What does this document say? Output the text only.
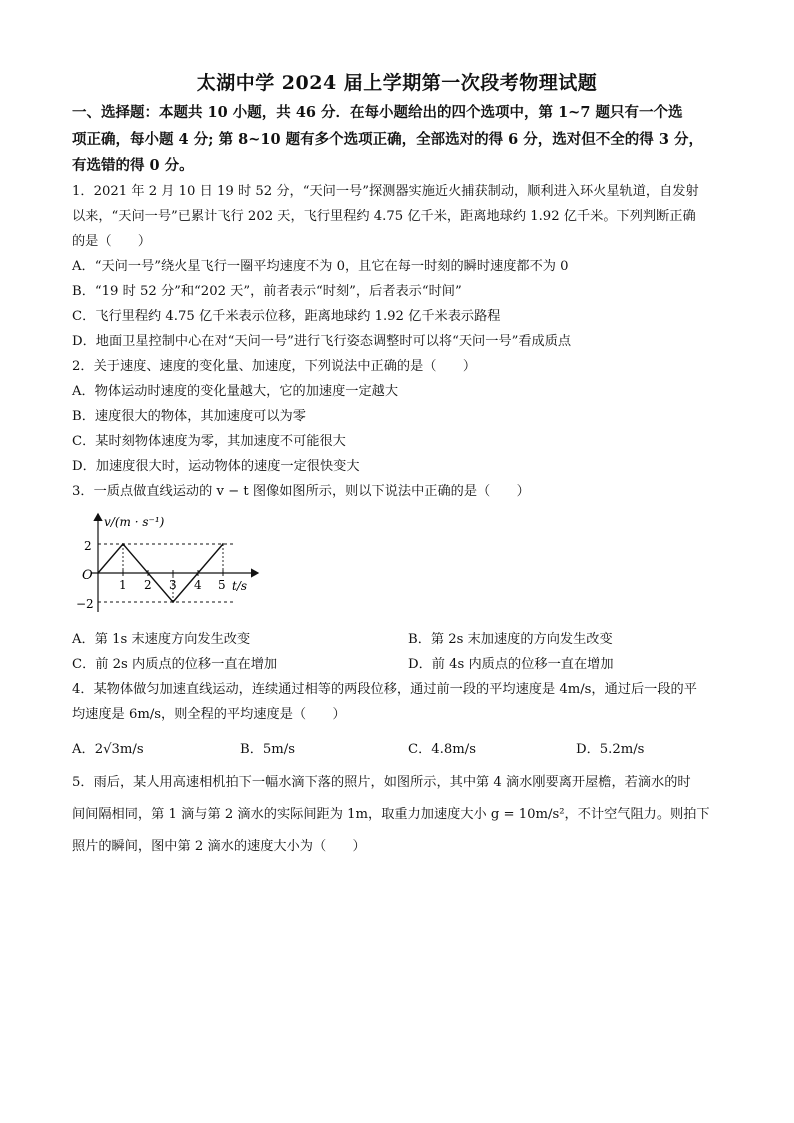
太湖中学 2024 届上学期第一次段考物理试题
一、选择题：本题共 10 小题，共 46 分．在每小题给出的四个选项中，第 1~7 题只有一个选
项正确，每小题 4 分; 第 8~10 题有多个选项正确，全部选对的得 6 分，选对但不全的得 3 分，
有选错的得 0 分。
1．2021 年 2 月 10 日 19 时 52 分，“天问一号”探测器实施近火捕获制动，顺利进入环火星轨道，自发射
以来，“天问一号”已累计飞行 202 天，飞行里程约 4.75 亿千米，距离地球约 1.92 亿千米。下列判断正确
的是（　　）
A．“天问一号”绕火星飞行一圈平均速度不为 0，且它在每一时刻的瞬时速度都不为 0
B．“19 时 52 分”和“202 天”，前者表示“时刻”，后者表示“时间”
C．飞行里程约 4.75 亿千米表示位移，距离地球约 1.92 亿千米表示路程
D．地面卫星控制中心在对“天问一号”进行飞行姿态调整时可以将“天问一号”看成质点
2．关于速度、速度的变化量、加速度，下列说法中正确的是（　　）
A．物体运动时速度的变化量越大，它的加速度一定越大
B．速度很大的物体，其加速度可以为零
C．某时刻物体速度为零，其加速度不可能很大
D．加速度很大时，运动物体的速度一定很快变大
3．一质点做直线运动的 v − t 图像如图所示，则以下说法中正确的是（　　）
v/(m · s⁻¹)
t/s
O
2
−2
1 2 3 4 5
A．第 1s 末速度方向发生改变	B．第 2s 末加速度的方向发生改变
C．前 2s 内质点的位移一直在增加	D．前 4s 内质点的位移一直在增加
4．某物体做匀加速直线运动，连续通过相等的两段位移，通过前一段的平均速度是 4m/s，通过后一段的平
均速度是 6m/s，则全程的平均速度是（　　）
A．2√3m/s	B．5m/s	C．4.8m/s	D．5.2m/s
5．雨后，某人用高速相机拍下一幅水滴下落的照片，如图所示，其中第 4 滴水刚要离开屋檐，若滴水的时
间间隔相同，第 1 滴与第 2 滴水的实际间距为 1m，取重力加速度大小 g = 10m/s²，不计空气阻力。则拍下
照片的瞬间，图中第 2 滴水的速度大小为（　　）
